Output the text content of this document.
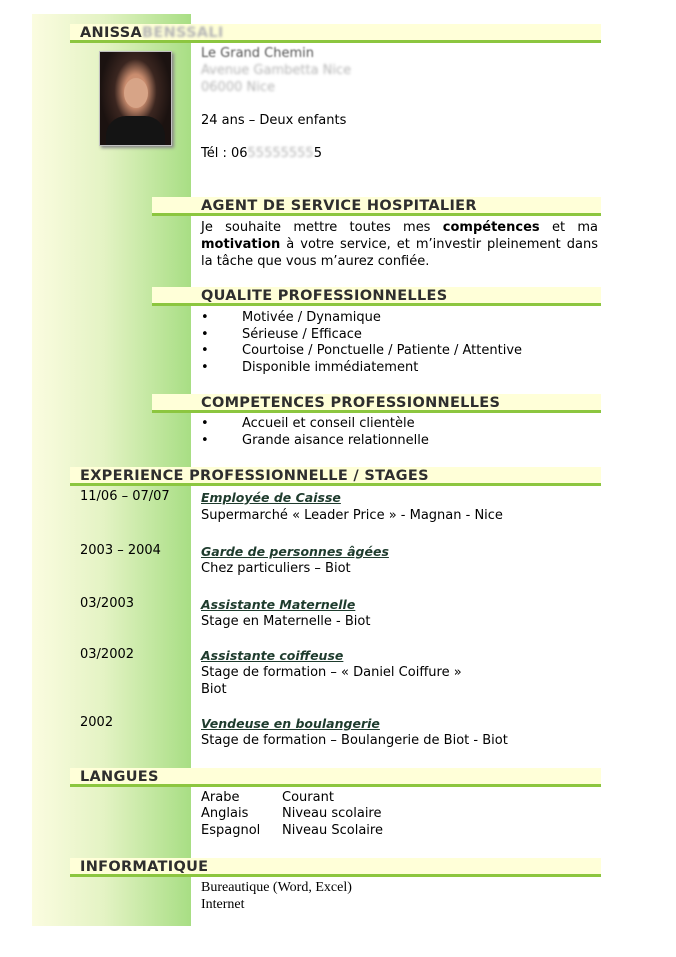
ANISSABENSSALI
Le Grand Chemin
Avenue Gambetta Nice
06000 Nice
24 ans – Deux enfants
Tél : 06555555555
AGENT DE SERVICE HOSPITALIER
Je souhaite mettre toutes mes compétences et ma motivation à votre service, et m’investir pleinement dans la tâche que vous m’aurez confiée.
QUALITE PROFESSIONNELLES
• Motivée / Dynamique
• Sérieuse / Efficace
• Courtoise / Ponctuelle / Patiente / Attentive
• Disponible immédiatement
COMPETENCES PROFESSIONNELLES
• Accueil et conseil clientèle
• Grande aisance relationnelle
EXPERIENCE PROFESSIONNELLE / STAGES
11/06 – 07/07	Employée de Caisse
Supermarché « Leader Price » - Magnan - Nice
2003 – 2004	Garde de personnes âgées
Chez particuliers – Biot
03/2003	Assistante Maternelle
Stage en Maternelle - Biot
03/2002	Assistante coiffeuse
Stage de formation – « Daniel Coiffure »
Biot
2002	Vendeuse en boulangerie
Stage de formation – Boulangerie de Biot - Biot
LANGUES
Arabe	Courant
Anglais	Niveau scolaire
Espagnol Niveau Scolaire
INFORMATIQUE
Bureautique (Word, Excel)
Internet
